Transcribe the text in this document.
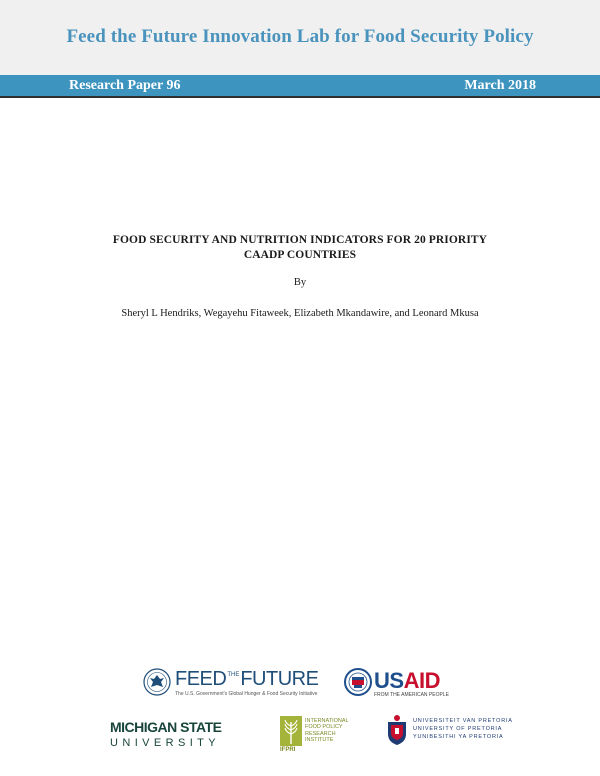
Feed the Future Innovation Lab for Food Security Policy
Research Paper 96	March 2018
FOOD SECURITY AND NUTRITION INDICATORS FOR 20 PRIORITY
CAADP COUNTRIES
By
Sheryl L Hendriks, Wegayehu Fitaweek, Elizabeth Mkandawire, and Leonard Mkusa
$FEED^{THE}FUTURE$
The U.S. Government's Global Hunger & Food Security Initiative
USAID
FROM THE AMERICAN PEOPLE
MICHIGAN STATE
UNIVERSITY
IFPRI
INTERNATIONAL FOOD POLICY RESEARCH INSTITUTE
UNIVERSITEIT VAN PRETORIA
UNIVERSITY OF PRETORIA
YUNIBESITHI YA PRETORIA
